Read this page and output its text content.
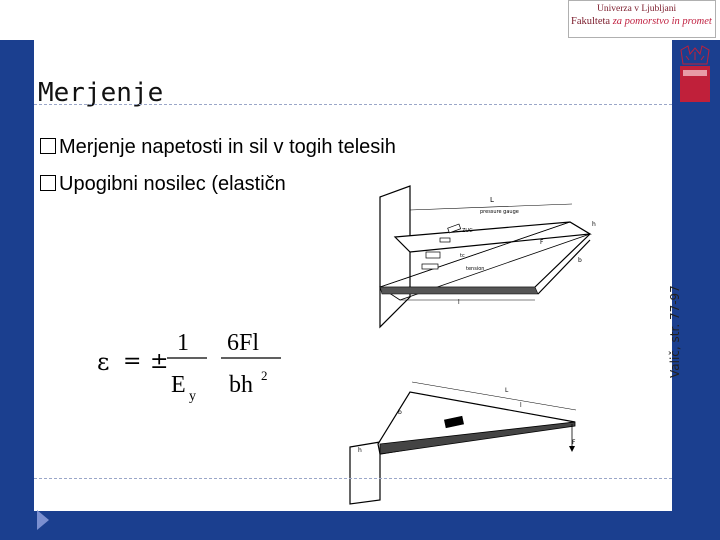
Univerza v Ljubljani
Fakulteta za pomorstvo in promet
Valič, str. 77-97
Merjenje
Merjenje napetosti in sil v togih telesih
Upogibni nosilec (elastičn
ε = ±
1
E y
6Fl
bh 2
L
h
F
b
l
pressure gauge
ZUC
tc
tension
L
l
b
h
F
